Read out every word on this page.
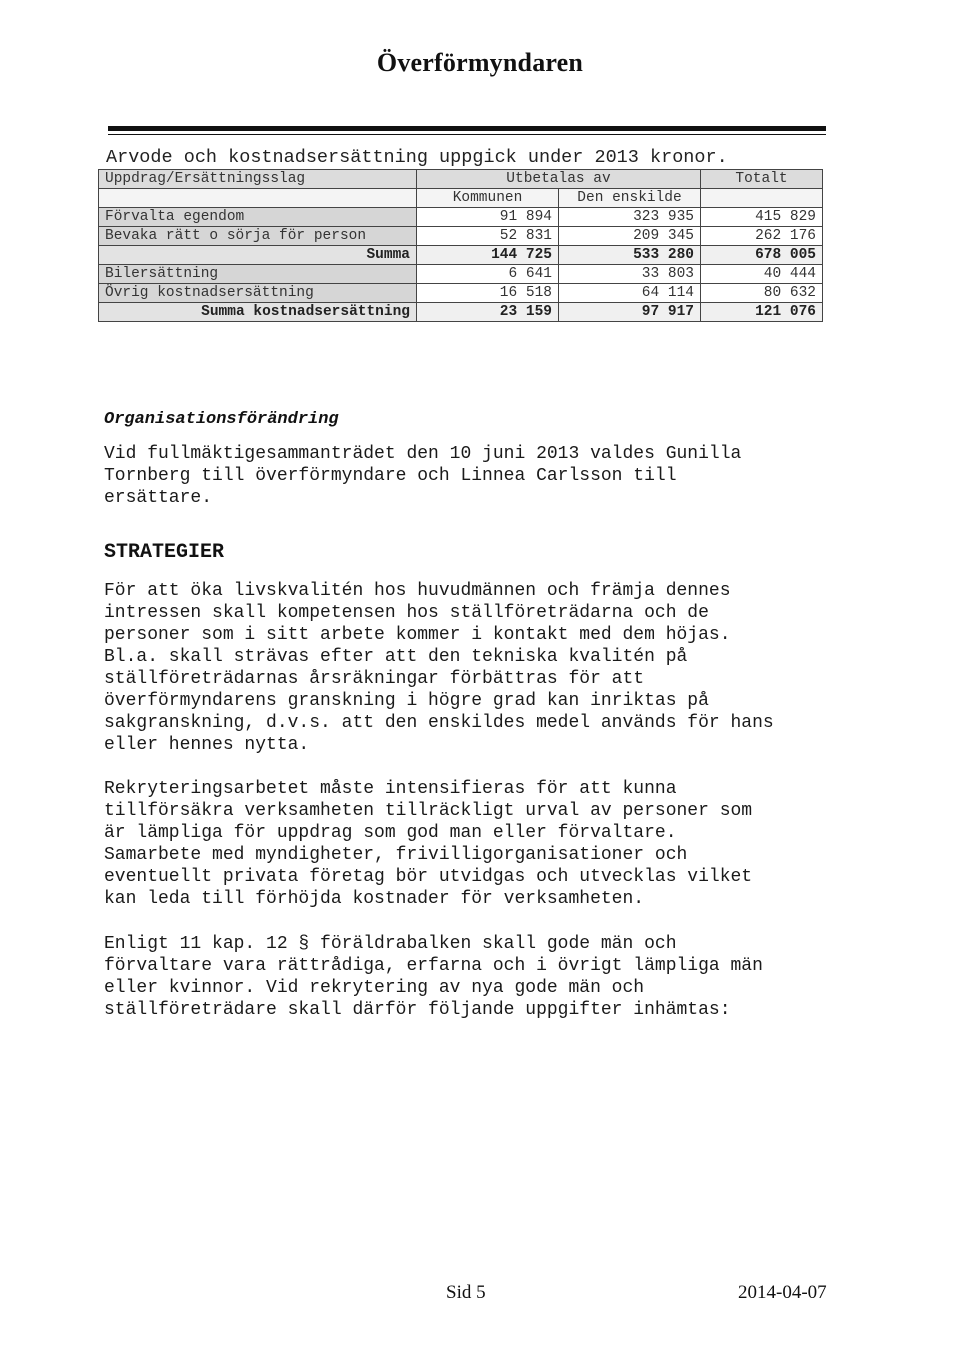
Överförmyndaren
Arvode och kostnadsersättning uppgick under 2013 kronor.
Uppdrag/Ersättningsslag	Utbetalas av		Totalt
	Kommunen	Den enskilde	
Förvalta egendom	91 894	323 935	415 829
Bevaka rätt o sörja för person	52 831	209 345	262 176
Summa	144 725	533 280	678 005
Bilersättning	6 641	33 803	40 444
Övrig kostnadsersättning	16 518	64 114	80 632
Summa kostnadsersättning	23 159	97 917	121 076
Organisationsförändring

Vid fullmäktigesammanträdet den 10 juni 2013 valdes Gunilla
Tornberg till överförmyndare och Linnea Carlsson till
ersättare.

STRATEGIER

För att öka livskvalitén hos huvudmännen och främja dennes
intressen skall kompetensen hos ställföreträdarna och de
personer som i sitt arbete kommer i kontakt med dem höjas.
Bl.a. skall strävas efter att den tekniska kvalitén på
ställföreträdarnas årsräkningar förbättras för att
överförmyndarens granskning i högre grad kan inriktas på
sakgranskning, d.v.s. att den enskildes medel används för hans
eller hennes nytta.

Rekryteringsarbetet måste intensifieras för att kunna
tillförsäkra verksamheten tillräckligt urval av personer som
är lämpliga för uppdrag som god man eller förvaltare.
Samarbete med myndigheter, frivilligorganisationer och
eventuellt privata företag bör utvidgas och utvecklas vilket
kan leda till förhöjda kostnader för verksamheten.

Enligt 11 kap. 12 § föräldrabalken skall gode män och
förvaltare vara rättrådiga, erfarna och i övrigt lämpliga män
eller kvinnor. Vid rekrytering av nya gode män och
ställföreträdare skall därför följande uppgifter inhämtas:

Sid 5	2014-04-07
